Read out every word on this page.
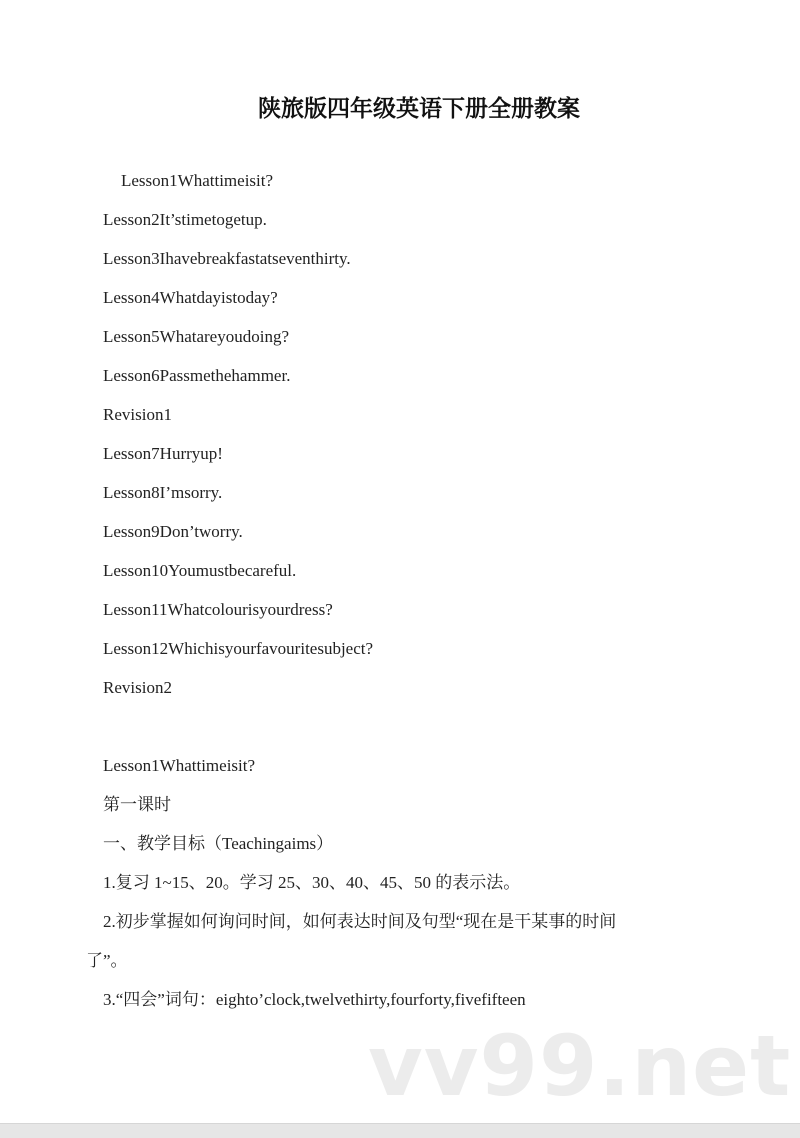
陕旅版四年级英语下册全册教案
Lesson1Whattimeisit?
Lesson2It’stimetogetup.
Lesson3Ihavebreakfastatseventhirty.
Lesson4Whatdayistoday?
Lesson5Whatareyoudoing?
Lesson6Passmethehammer.
Revision1
Lesson7Hurryup!
Lesson8I’msorry.
Lesson9Don’tworry.
Lesson10Youmustbecareful.
Lesson11Whatcolourisyourdress?
Lesson12Whichisyourfavouritesubject?
Revision2
Lesson1Whattimeisit?
第一课时
一、教学目标（Teachingaims）
1.复习 1~15、20。学习 25、30、40、45、50 的表示法。
2.初步掌握如何询问时间，如何表达时间及句型“现在是干某事的时间
了”。
3.“四会”词句：eighto’clock,twelvethirty,fourforty,fivefifteen
vv99.net
